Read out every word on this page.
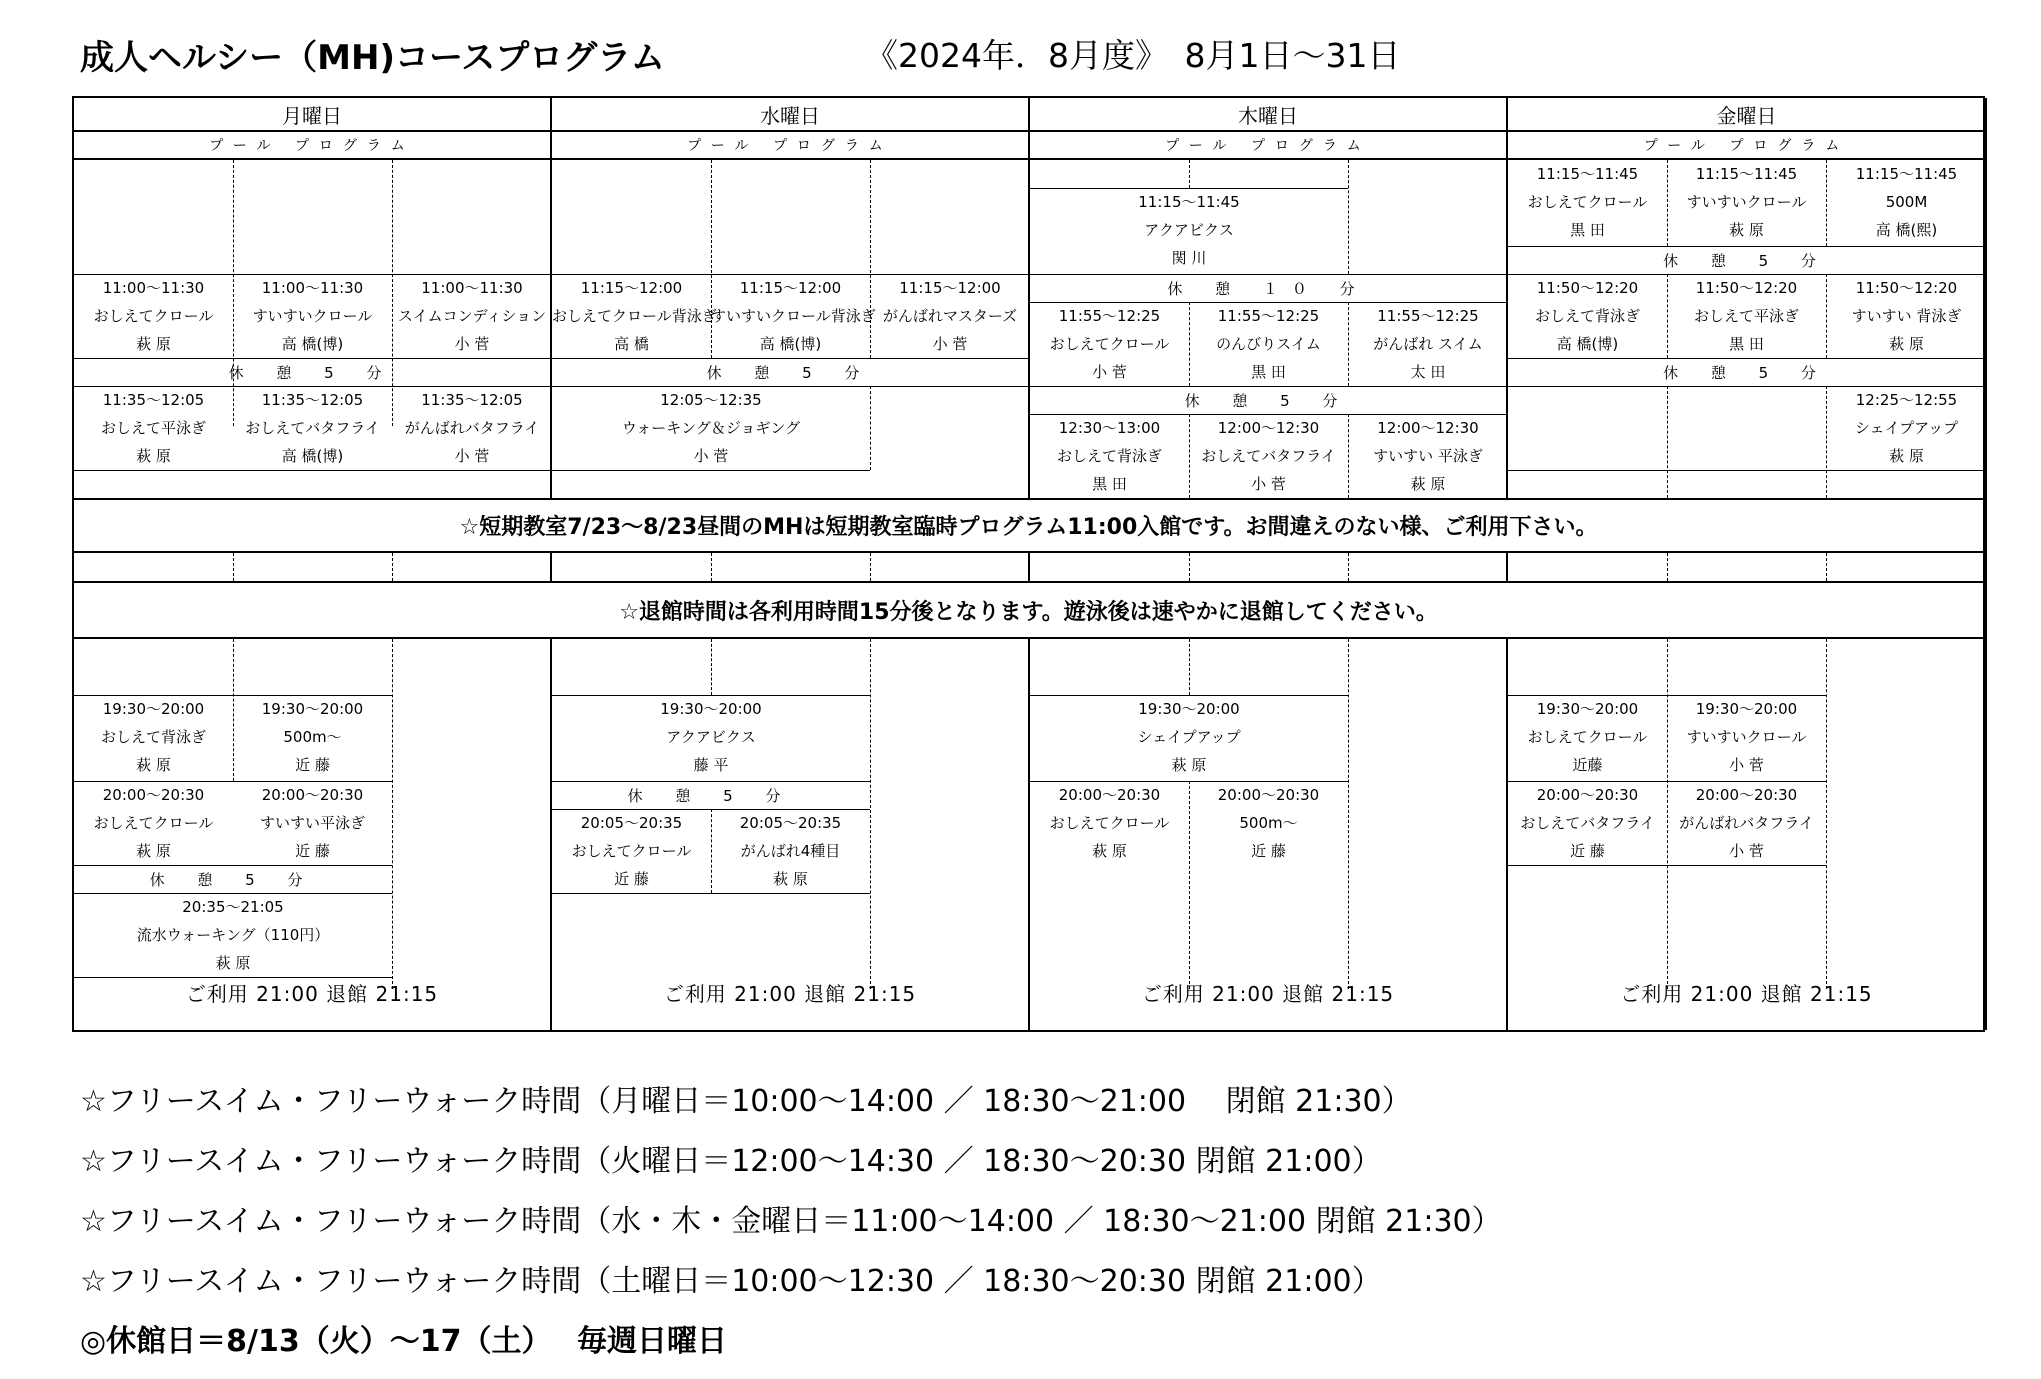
成人ヘルシー（MH)コースプログラム	《2024年．8月度》　8月1日～31日
月曜日
プール プログラム
11:00～11:30
おしえてクロール
萩 原
11:00～11:30
すいすいクロール
高 橋(博)
11:00～11:30
スイムコンディション
小 菅
休 憩 5 分
11:35～12:05
おしえて平泳ぎ
萩 原
11:35～12:05
おしえてバタフライ
高 橋(博)
11:35～12:05
がんばれバタフライ
小 菅
19:30～20:00
おしえて背泳ぎ
萩 原
19:30～20:00
500m～
近 藤
20:00～20:30
おしえてクロール
萩 原
20:00～20:30
すいすい平泳ぎ
近 藤
休 憩 5 分
20:35～21:05
流水ウォーキング（110円）
萩 原
ご利用 21:00 退館 21:15
水曜日
プール プログラム
11:15～12:00
おしえてクロール背泳ぎ
高 橋
11:15～12:00
すいすいクロール背泳ぎ
高 橋(博)
11:15～12:00
がんばれマスターズ
小 菅
休 憩 5 分
12:05～12:35
ウォーキング＆ジョギング
小 菅
19:30～20:00
アクアビクス
藤 平
休 憩 5 分
20:05～20:35
おしえてクロール
近 藤
20:05～20:35
がんばれ4種目
萩 原
ご利用 21:00 退館 21:15
木曜日
プール プログラム
11:15～11:45
アクアビクス
関 川
休 憩 １０ 分
11:55～12:25
おしえてクロール
小 菅
11:55～12:25
のんびりスイム
黒 田
11:55～12:25
がんばれ スイム
太 田
休 憩 5 分
12:30～13:00
おしえて背泳ぎ
黒 田
12:00～12:30
おしえてバタフライ
小 菅
12:00～12:30
すいすい 平泳ぎ
萩 原
19:30～20:00
シェイプアップ
萩 原
20:00～20:30
おしえてクロール
萩 原
20:00～20:30
500m～
近 藤
ご利用 21:00 退館 21:15
金曜日
プール プログラム
11:15～11:45
おしえてクロール
黒 田
11:15～11:45
すいすいクロール
萩 原
11:15～11:45
500M
高 橋(熙)
休 憩 5 分
11:50～12:20
おしえて背泳ぎ
高 橋(博)
11:50～12:20
おしえて平泳ぎ
黒 田
11:50～12:20
すいすい 背泳ぎ
萩 原
休 憩 5 分
12:25～12:55
シェイプアップ
萩 原
19:30～20:00
おしえてクロール
近藤
19:30～20:00
すいすいクロール
小 菅
20:00～20:30
おしえてバタフライ
近 藤
20:00～20:30
がんばれバタフライ
小 菅
ご利用 21:00 退館 21:15
☆短期教室7/23～8/23昼間のMHは短期教室臨時プログラム11:00入館です。お間違えのない様、ご利用下さい。
☆退館時間は各利用時間15分後となります。遊泳後は速やかに退館してください。
☆フリースイム・フリーウォーク時間（月曜日＝10:00～14:00 ／ 18:30～21:00　 閉館 21:30）
☆フリースイム・フリーウォーク時間（火曜日＝12:00～14:30 ／ 18:30～20:30 閉館 21:00）
☆フリースイム・フリーウォーク時間（水・木・金曜日＝11:00～14:00 ／ 18:30～21:00 閉館 21:30）
☆フリースイム・フリーウォーク時間（土曜日＝10:00～12:30 ／ 18:30～20:30 閉館 21:00）
◎休館日＝8/13（火）～17（土）　 毎週日曜日
